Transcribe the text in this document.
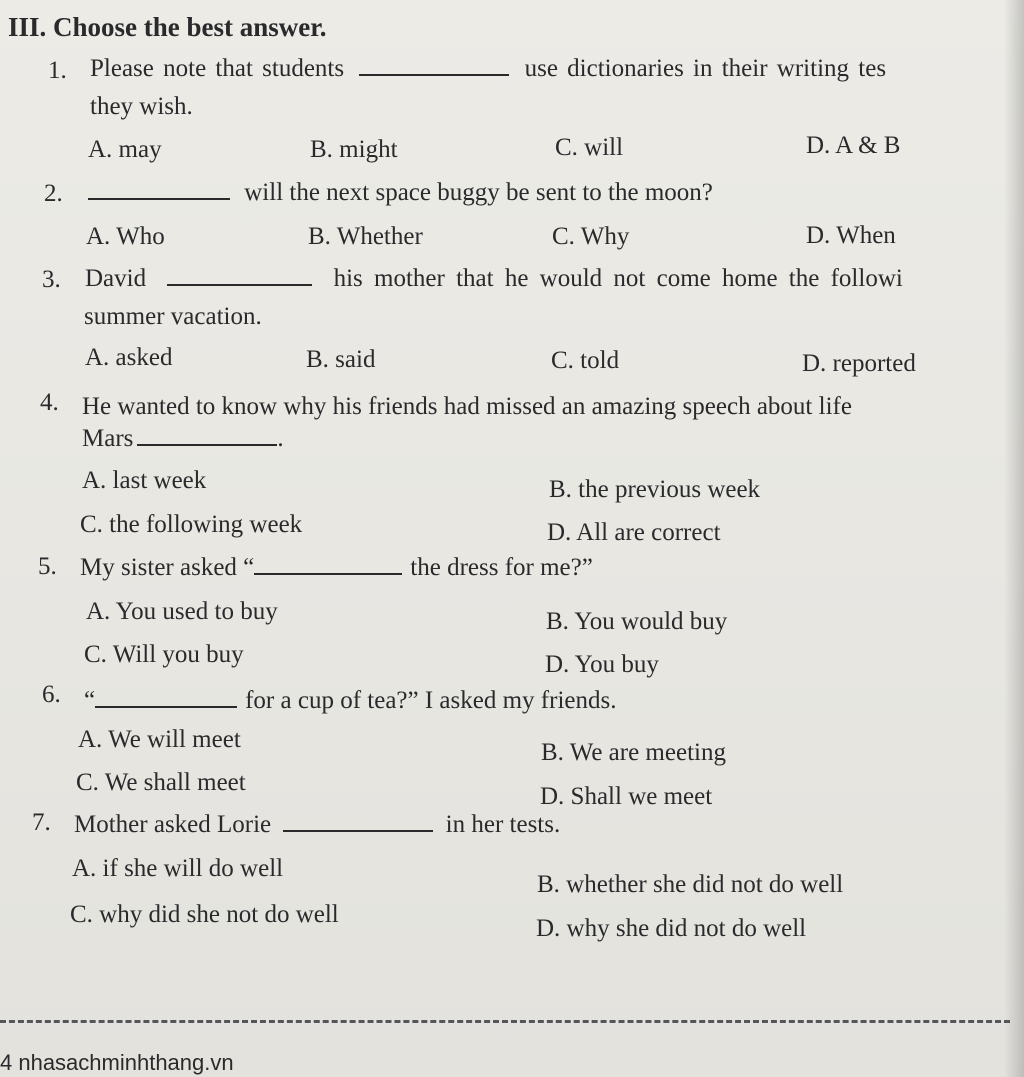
III. Choose the best answer.
1. Please note that students	use dictionaries in their writing tes
they wish.
A. may	B. might	C. will	D. A & B
2.	will the next space buggy be sent to the moon?
A. Who	B. Whether	C. Why	D. When
3. David	his mother that he would not come home the followi
summer vacation.
A. asked	B. said	C. told	D. reported
4. He wanted to know why his friends had missed an amazing speech about life
Mars	.
A. last week	B. the previous week
C. the following week	D. All are correct
5. My sister asked “	the dress for me?”
A. You used to buy	B. You would buy
C. Will you buy	D. You buy
6. “	for a cup of tea?” I asked my friends.
A. We will meet	B. We are meeting
C. We shall meet
D. Shall we meet
7. Mother asked Lorie	in her tests.
A. if she will do well
B. whether she did not do well
C. why did she not do well
D. why she did not do well
4 nhasachminhthang.vn
